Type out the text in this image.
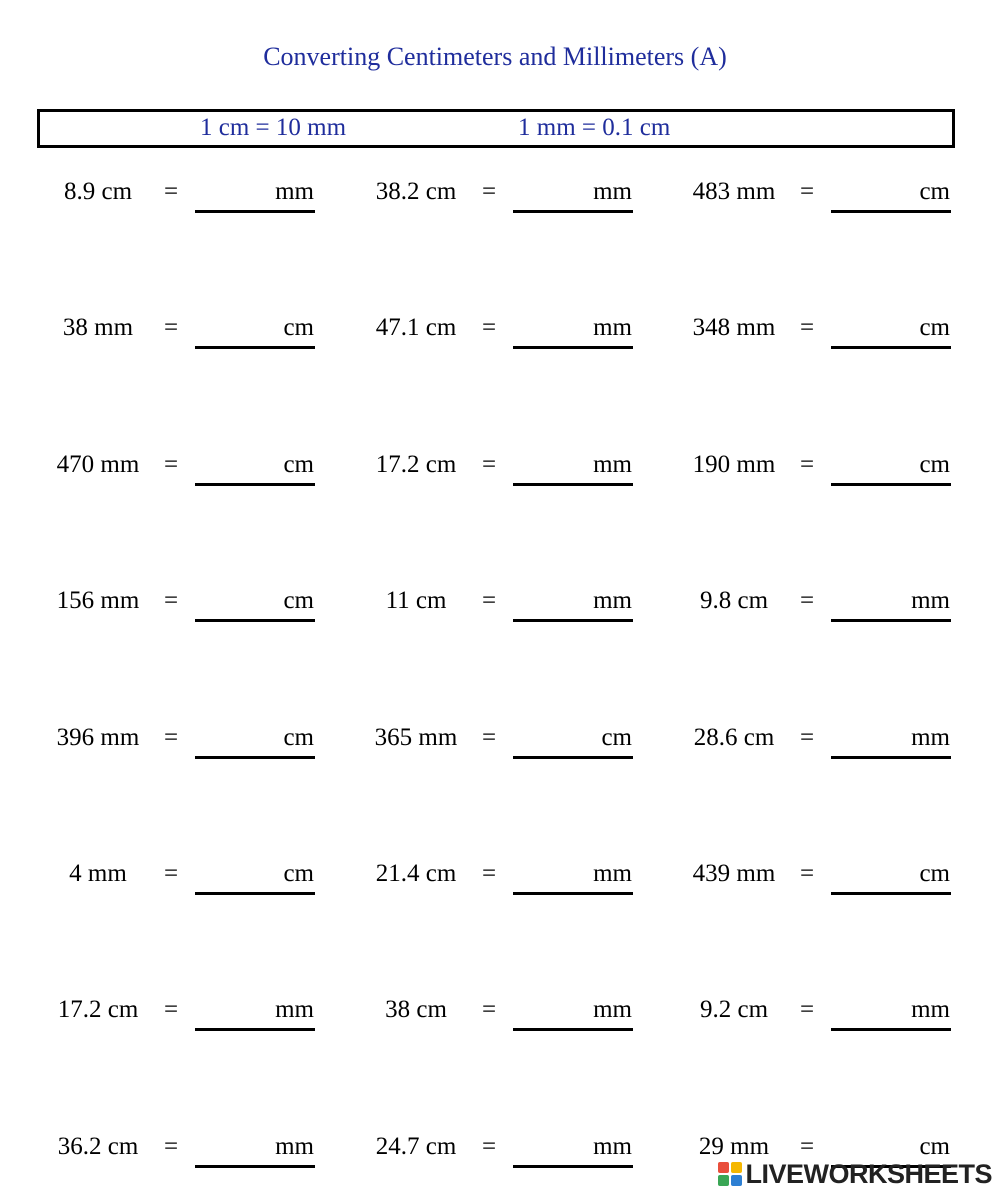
Converting Centimeters and Millimeters (A)
1 cm = 10 mm	1 mm = 0.1 cm
8.9 cm	=	mm	38.2 cm	=	mm	483 mm =	cm
38 mm	=	cm	47.1 cm	=	mm	348 mm =	cm
470 mm =	cm	17.2 cm	=	mm	190 mm =	cm
156 mm =	cm	11 cm	=	mm	9.8 cm	=	mm
396 mm =	cm	365 mm =	cm	28.6 cm	=	mm
4 mm	=	cm	21.4 cm	=	mm	439 mm =	cm
17.2 cm	=	mm	38 cm	=	mm	9.2 cm	=	mm
36.2 cm	=	mm	24.7 cm	=	mm	29 mm	=	cm
LIVEWORKSHEETS
